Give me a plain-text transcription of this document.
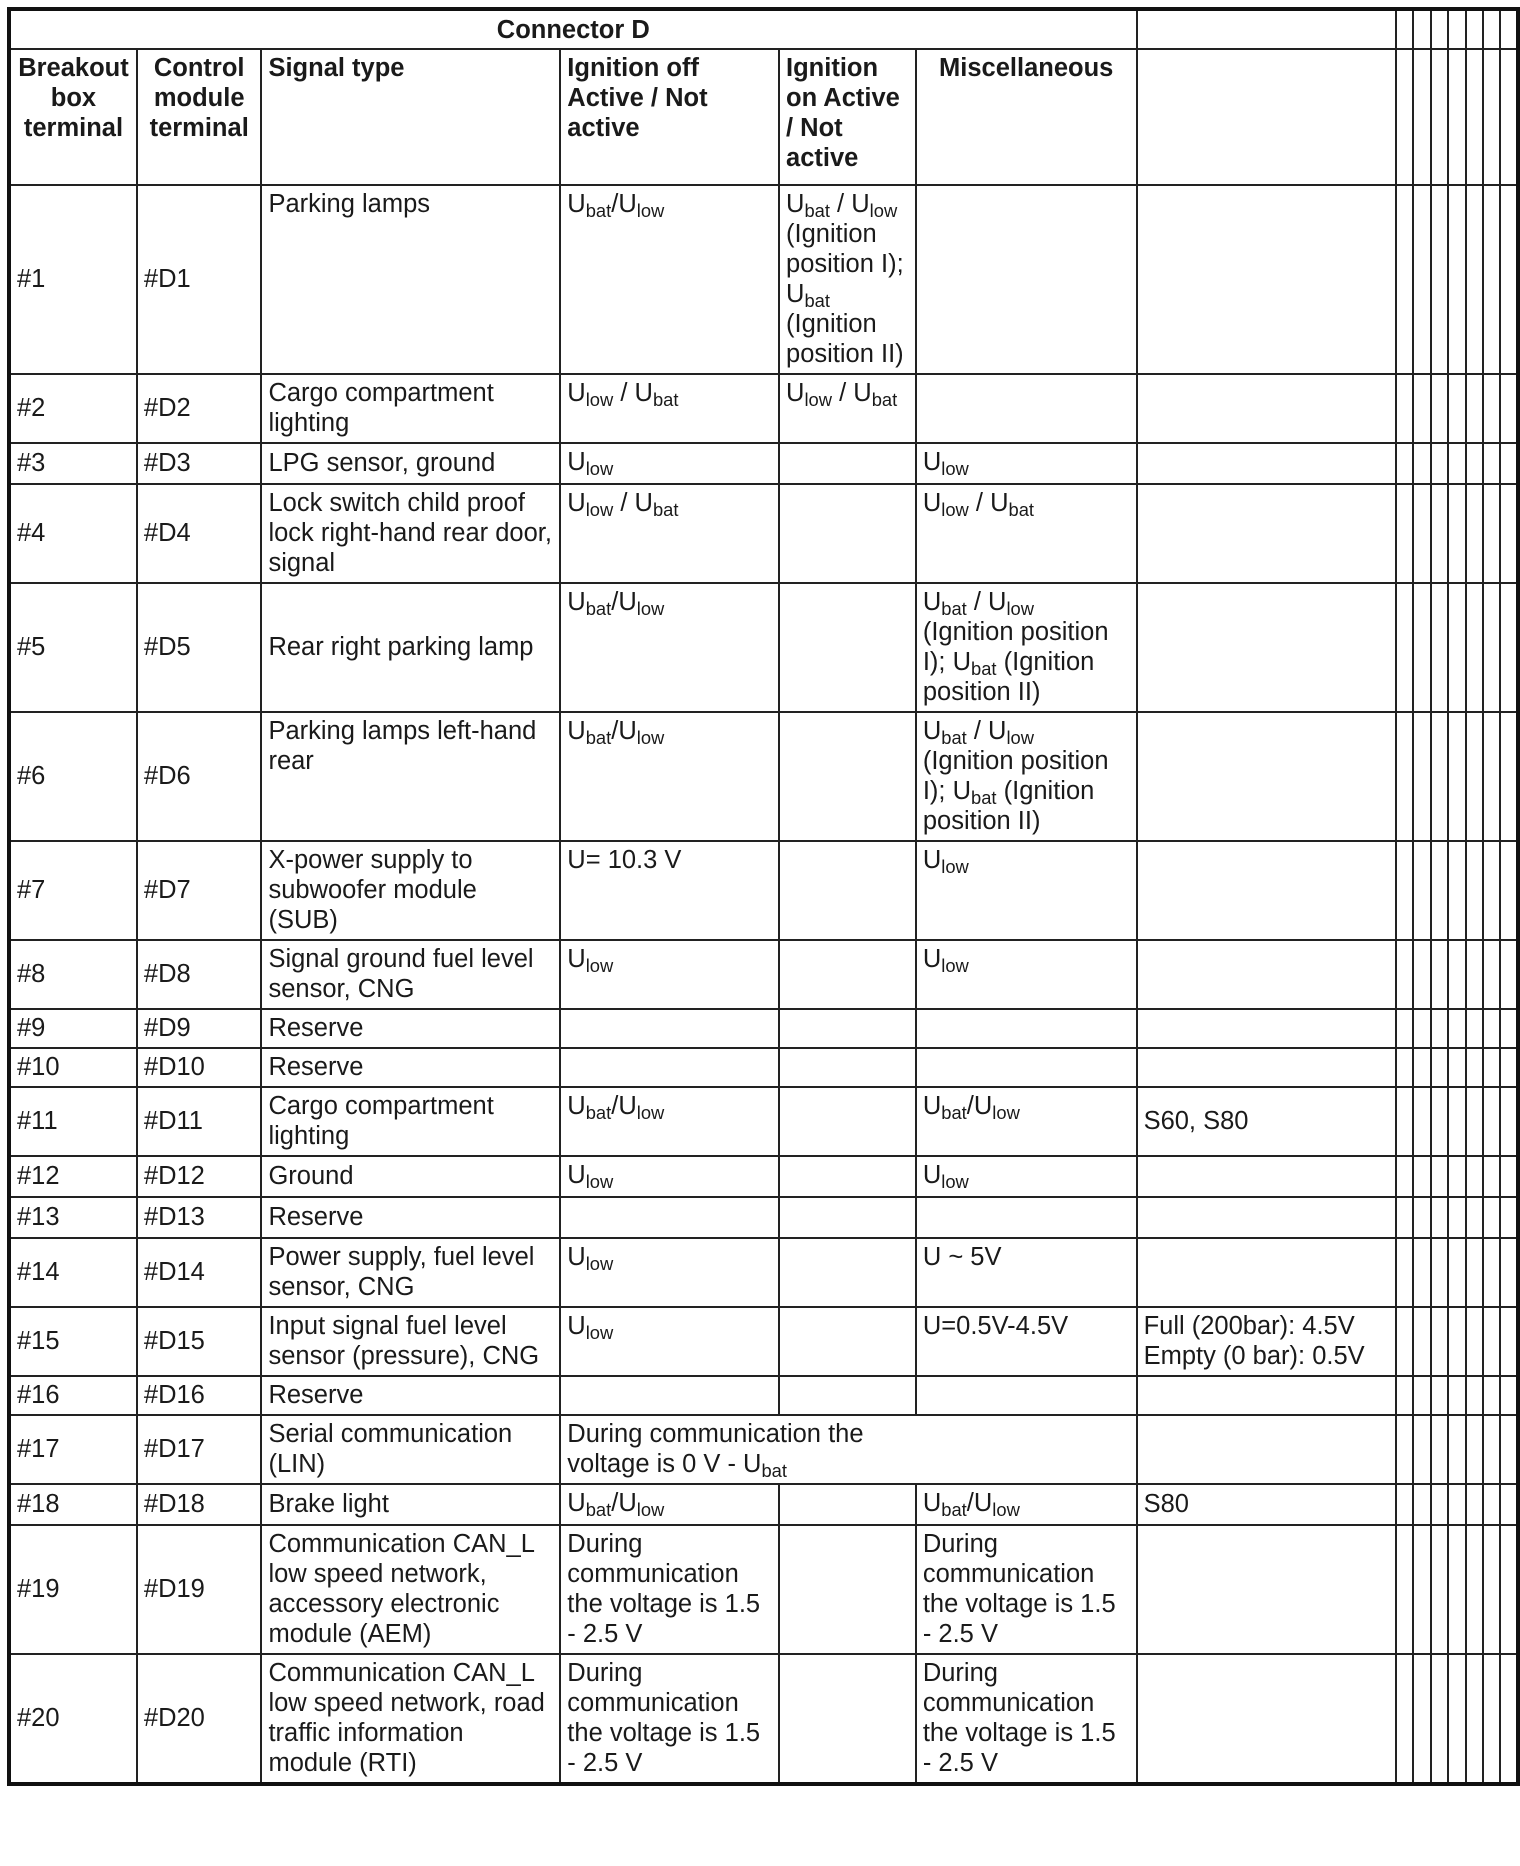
Connector D													
Breakout box terminal	Control module terminal	Signal type	Ignition off Active / Not active	Ignition on Active / Not active	Miscellaneous								
#1	#D1	Parking lamps	$U_{bat}/U_{low}$	$U_{bat} / U_{low}$ (Ignition position I); $U_{bat}$ (Ignition position II)									
#2	#D2	Cargo compartment lighting	$U_{low} / U_{bat}$	$U_{low} / U_{bat}$									
#3	#D3	LPG sensor, ground	$U_{low}$		$U_{low}$								
#4	#D4	Lock switch child proof lock right-hand rear door, signal	$U_{low} / U_{bat}$		$U_{low} / U_{bat}$								
#5	#D5	Rear right parking lamp	$U_{bat}/U_{low}$		$U_{bat} / U_{low}$ (Ignition position I); $U_{bat}$ (Ignition position II)								
#6	#D6	Parking lamps left-hand rear	$U_{bat}/U_{low}$		$U_{bat} / U_{low}$ (Ignition position I); $U_{bat}$ (Ignition position II)								
#7	#D7	X-power supply to subwoofer module (SUB)	U= 10.3 V		$U_{low}$								
#8	#D8	Signal ground fuel level sensor, CNG	$U_{low}$		$U_{low}$								
#9	#D9	Reserve											
#10	#D10	Reserve											
#11	#D11	Cargo compartment lighting	$U_{bat}/U_{low}$		$U_{bat}/U_{low}$	S60, S80							
#12	#D12	Ground	$U_{low}$		$U_{low}$								
#13	#D13	Reserve											
#14	#D14	Power supply, fuel level sensor, CNG	$U_{low}$		U ~ 5V								
#15	#D15	Input signal fuel level sensor (pressure), CNG	$U_{low}$		U=0.5V-4.5V	Full (200bar): 4.5V Empty (0 bar): 0.5V							
#16	#D16	Reserve											
#17	#D17	Serial communication (LIN)	During communication the voltage is 0 V - $U_{bat}$									
#18	#D18	Brake light	$U_{bat}/U_{low}$		$U_{bat}/U_{low}$	S80							
#19	#D19	Communication CAN_L low speed network, accessory electronic module (AEM)	During communication the voltage is 1.5 - 2.5 V		During communication the voltage is 1.5 - 2.5 V								
#20	#D20	Communication CAN_L low speed network, road traffic information module (RTI)	During communication the voltage is 1.5 - 2.5 V		During communication the voltage is 1.5 - 2.5 V								
